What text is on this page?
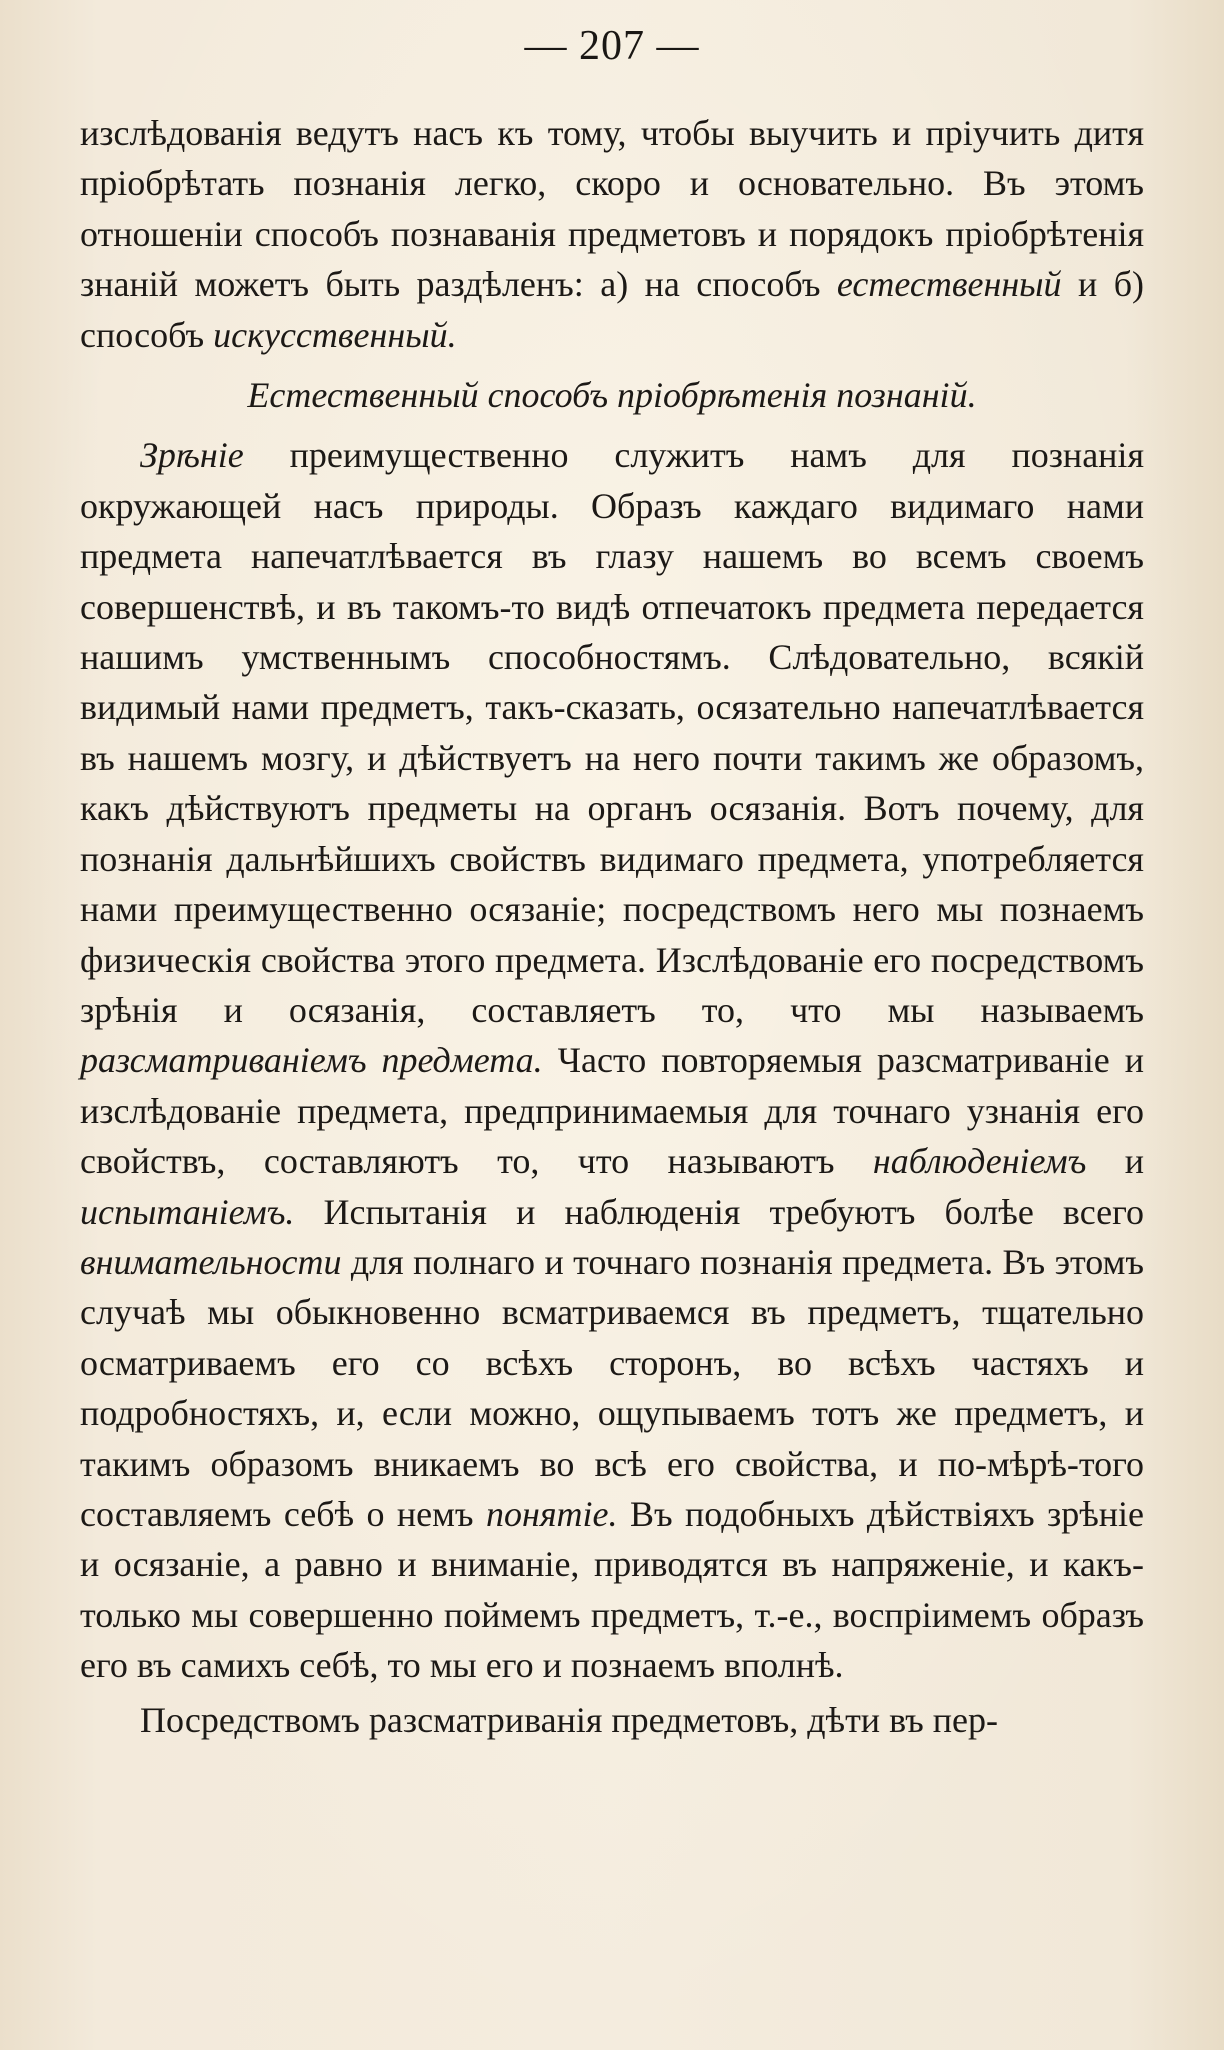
— 207 —

изслѣдованія ведутъ насъ къ тому, чтобы выучить и пріучить дитя пріобрѣтать познанія легко, скоро и основательно. Въ этомъ отношеніи способъ познаванія предметовъ и порядокъ пріобрѣтенія знаній можетъ быть раздѣленъ: а) на способъ естественный и б) способъ искусственный.

Естественный способъ пріобрѣтенія познаній.

Зрѣніе преимущественно служитъ намъ для познанія окружающей насъ природы. Образъ каждаго видимаго нами предмета напечатлѣвается въ глазу нашемъ во всемъ своемъ совершенствѣ, и въ такомъ-то видѣ отпечатокъ предмета передается нашимъ умственнымъ способностямъ. Слѣдовательно, всякій видимый нами предметъ, такъ-сказать, осязательно напечатлѣвается въ нашемъ мозгу, и дѣйствуетъ на него почти такимъ же образомъ, какъ дѣйствуютъ предметы на органъ осязанія. Вотъ почему, для познанія дальнѣйшихъ свойствъ видимаго предмета, употребляется нами преимущественно осязаніе; посредствомъ него мы познаемъ физическія свойства этого предмета. Изслѣдованіе его посредствомъ зрѣнія и осязанія, составляетъ то, что мы называемъ разсматриваніемъ предмета. Часто повторяемыя разсматриваніе и изслѣдованіе предмета, предпринимаемыя для точнаго узнанія его свойствъ, составляютъ то, что называютъ наблюденіемъ и испытаніемъ. Испытанія и наблюденія требуютъ болѣе всего внимательности для полнаго и точнаго познанія предмета. Въ этомъ случаѣ мы обыкновенно всматриваемся въ предметъ, тщательно осматриваемъ его со всѣхъ сторонъ, во всѣхъ частяхъ и подробностяхъ, и, если можно, ощупываемъ тотъ же предметъ, и такимъ образомъ вникаемъ во всѣ его свойства, и по-мѣрѣ-того составляемъ себѣ о немъ понятіе. Въ подобныхъ дѣйствіяхъ зрѣніе и осязаніе, а равно и вниманіе, приводятся въ напряженіе, и какъ-только мы совершенно поймемъ предметъ, т.-е., воспріимемъ образъ его въ самихъ себѣ, то мы его и познаемъ вполнѣ.

Посредствомъ разсматриванія предметовъ, дѣти въ пер-
